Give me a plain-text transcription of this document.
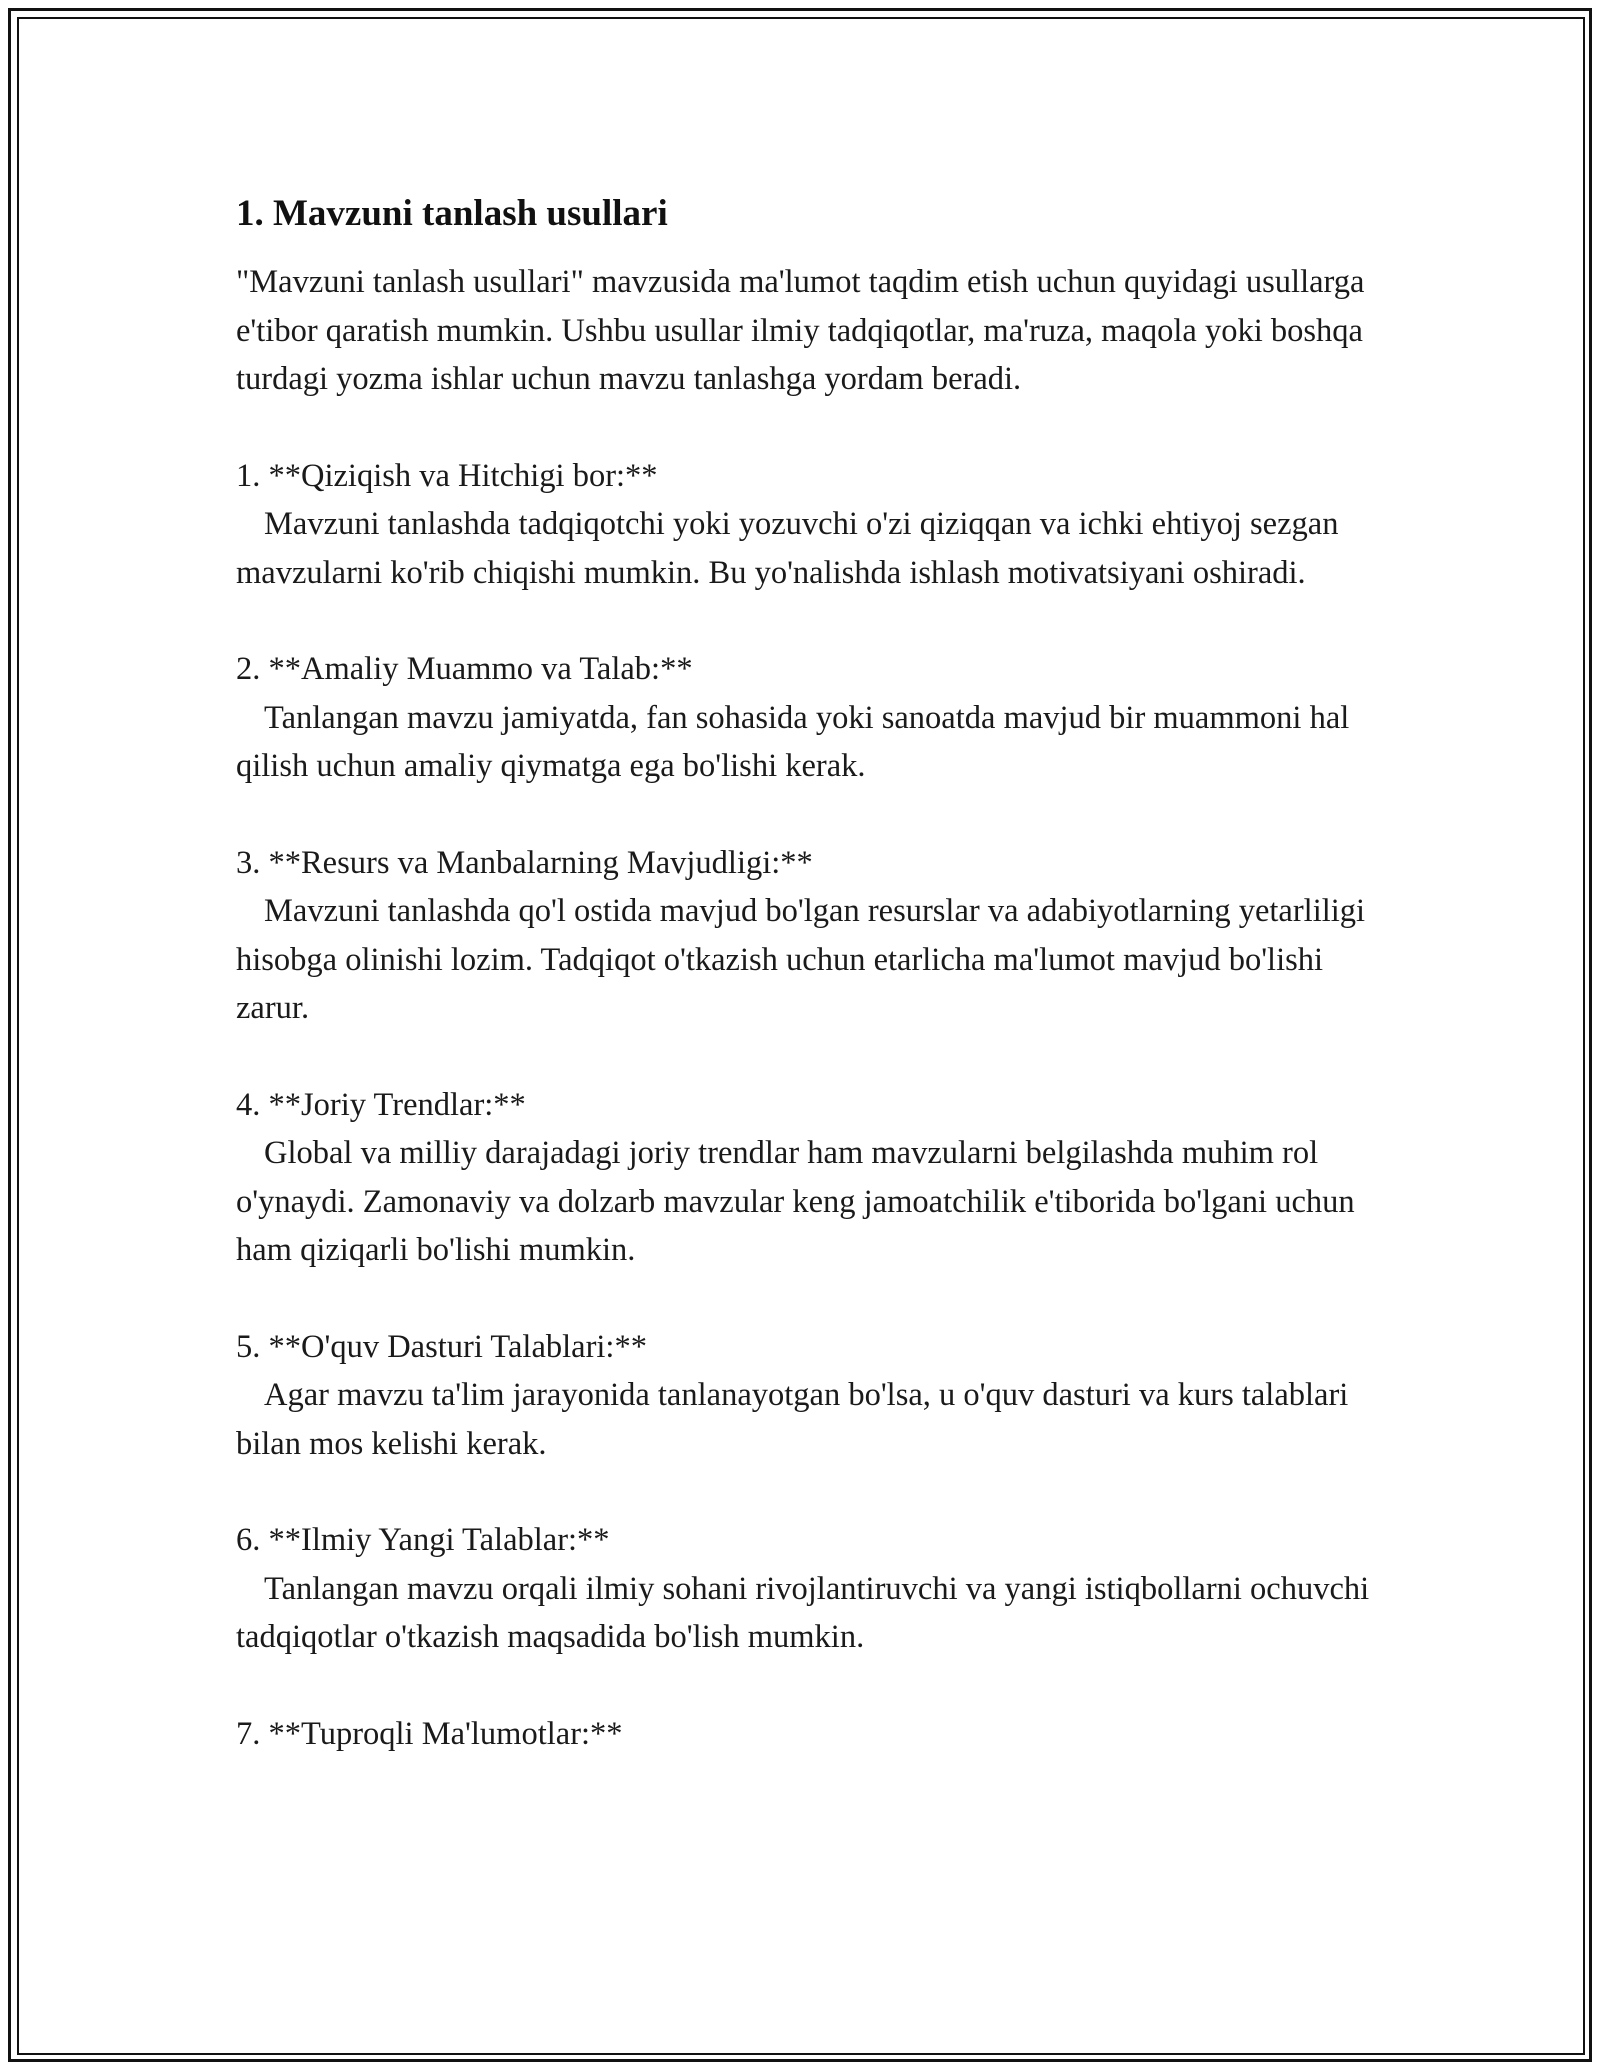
1. Mavzuni tanlash usullari

"Mavzuni tanlash usullari" mavzusida ma'lumot taqdim etish uchun quyidagi usullarga e'tibor qaratish mumkin. Ushbu usullar ilmiy tadqiqotlar, ma'ruza, maqola yoki boshqa turdagi yozma ishlar uchun mavzu tanlashga yordam beradi.

1. **Qiziqish va Hitchigi bor:**

Mavzuni tanlashda tadqiqotchi yoki yozuvchi o'zi qiziqqan va ichki ehtiyoj sezgan mavzularni ko'rib chiqishi mumkin. Bu yo'nalishda ishlash motivatsiyani oshiradi.

2. **Amaliy Muammo va Talab:**

Tanlangan mavzu jamiyatda, fan sohasida yoki sanoatda mavjud bir muammoni hal qilish uchun amaliy qiymatga ega bo'lishi kerak.

3. **Resurs va Manbalarning Mavjudligi:**

Mavzuni tanlashda qo'l ostida mavjud bo'lgan resurslar va adabiyotlarning yetarliligi hisobga olinishi lozim. Tadqiqot o'tkazish uchun etarlicha ma'lumot mavjud bo'lishi zarur.

4. **Joriy Trendlar:**

Global va milliy darajadagi joriy trendlar ham mavzularni belgilashda muhim rol o'ynaydi. Zamonaviy va dolzarb mavzular keng jamoatchilik e'tiborida bo'lgani uchun ham qiziqarli bo'lishi mumkin.

5. **O'quv Dasturi Talablari:**

Agar mavzu ta'lim jarayonida tanlanayotgan bo'lsa, u o'quv dasturi va kurs talablari bilan mos kelishi kerak.

6. **Ilmiy Yangi Talablar:**

Tanlangan mavzu orqali ilmiy sohani rivojlantiruvchi va yangi istiqbollarni ochuvchi tadqiqotlar o'tkazish maqsadida bo'lish mumkin.

7. **Tuproqli Ma'lumotlar:**
